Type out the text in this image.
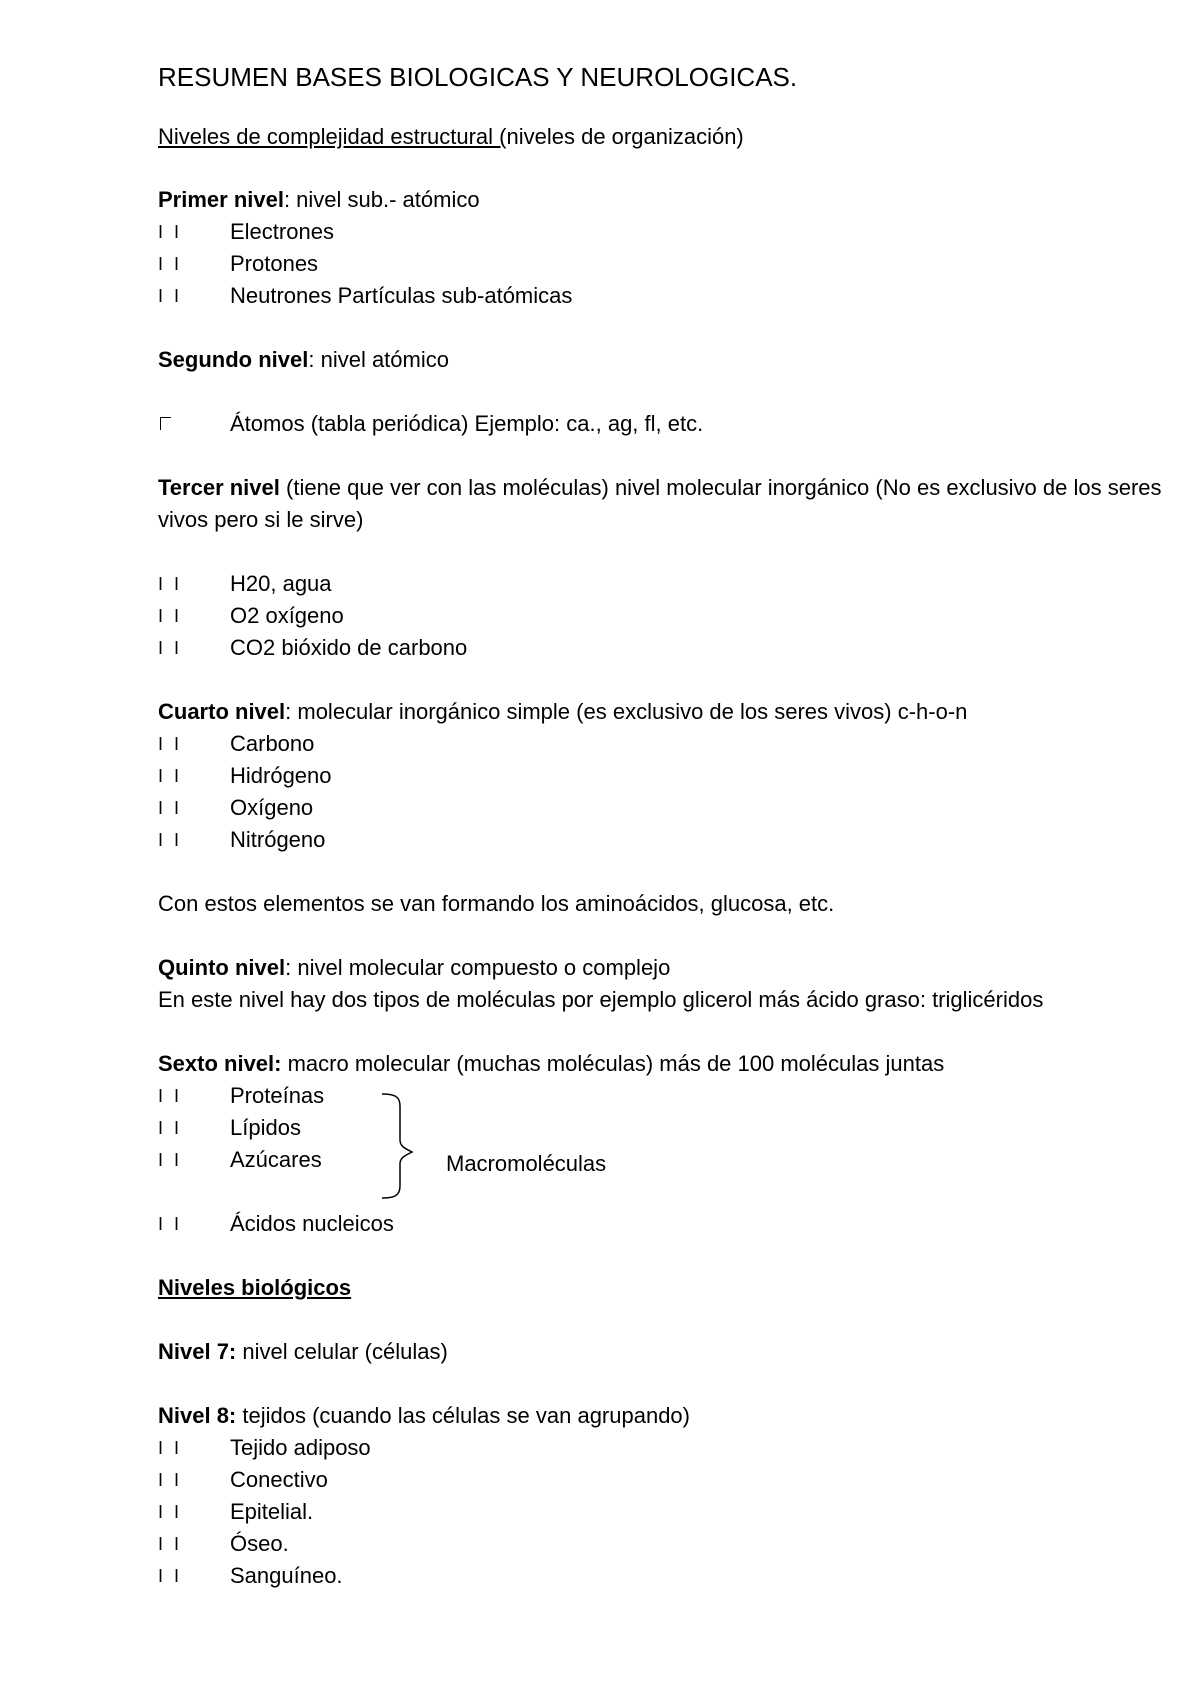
RESUMEN BASES BIOLOGICAS Y NEUROLOGICAS.
Niveles de complejidad estructural (niveles de organización)
Primer nivel: nivel sub.- atómico
I I Electrones
I I Protones
I I Neutrones Partículas sub-atómicas
Segundo nivel: nivel atómico
Átomos (tabla periódica) Ejemplo: ca., ag, fl, etc.
Tercer nivel (tiene que ver con las moléculas) nivel molecular inorgánico (No es exclusivo de los seres vivos pero si le sirve)
I I H20, agua
I I O2 oxígeno
I I CO2 bióxido de carbono
Cuarto nivel: molecular inorgánico simple (es exclusivo de los seres vivos) c-h-o-n
I I Carbono
I I Hidrógeno
I I Oxígeno
I I Nitrógeno
Con estos elementos se van formando los aminoácidos, glucosa, etc.
Quinto nivel: nivel molecular compuesto o complejo
En este nivel hay dos tipos de moléculas por ejemplo glicerol más ácido graso: triglicéridos
Sexto nivel: macro molecular (muchas moléculas) más de 100 moléculas juntas
I I Proteínas
I I Lípidos
I I Azúcares	Macromoléculas
I I Ácidos nucleicos
Niveles biológicos
Nivel 7: nivel celular (células)
Nivel 8: tejidos (cuando las células se van agrupando)
I I Tejido adiposo
I I Conectivo
I I Epitelial.
I I Óseo.
I I Sanguíneo.
